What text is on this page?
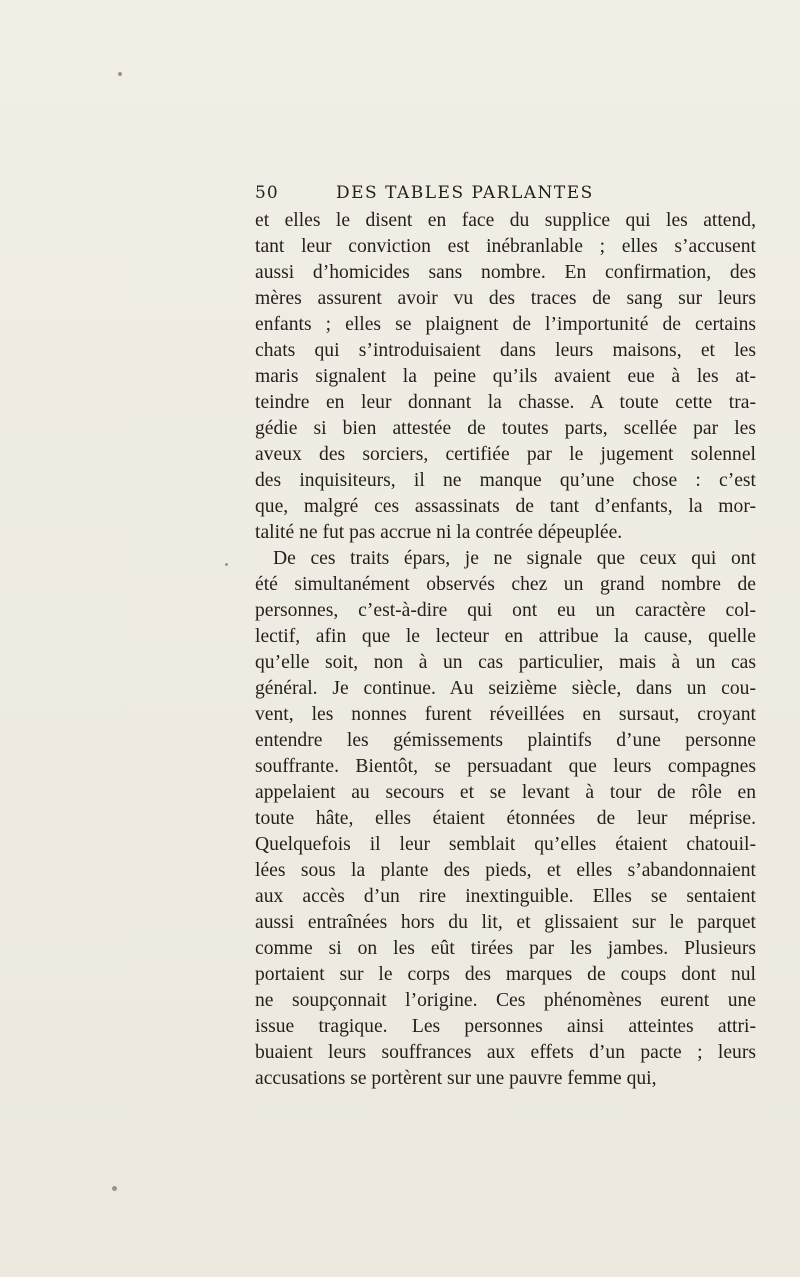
50	DES TABLES PARLANTES
et elles le disent en face du supplice qui les attend,
tant leur conviction est inébranlable ; elles s’accusent
aussi d’homicides sans nombre. En confirmation, des
mères assurent avoir vu des traces de sang sur leurs
enfants ; elles se plaignent de l’importunité de certains
chats qui s’introduisaient dans leurs maisons, et les
maris signalent la peine qu’ils avaient eue à les at-
teindre en leur donnant la chasse. A toute cette tra-
gédie si bien attestée de toutes parts, scellée par les
aveux des sorciers, certifiée par le jugement solennel
des inquisiteurs, il ne manque qu’une chose : c’est
que, malgré ces assassinats de tant d’enfants, la mor-
talité ne fut pas accrue ni la contrée dépeuplée.
De ces traits épars, je ne signale que ceux qui ont
été simultanément observés chez un grand nombre de
personnes, c’est-à-dire qui ont eu un caractère col-
lectif, afin que le lecteur en attribue la cause, quelle
qu’elle soit, non à un cas particulier, mais à un cas
général. Je continue. Au seizième siècle, dans un cou-
vent, les nonnes furent réveillées en sursaut, croyant
entendre les gémissements plaintifs d’une personne
souffrante. Bientôt, se persuadant que leurs compagnes
appelaient au secours et se levant à tour de rôle en
toute hâte, elles étaient étonnées de leur méprise.
Quelquefois il leur semblait qu’elles étaient chatouil-
lées sous la plante des pieds, et elles s’abandonnaient
aux accès d’un rire inextinguible. Elles se sentaient
aussi entraînées hors du lit, et glissaient sur le parquet
comme si on les eût tirées par les jambes. Plusieurs
portaient sur le corps des marques de coups dont nul
ne soupçonnait l’origine. Ces phénomènes eurent une
issue tragique. Les personnes ainsi atteintes attri-
buaient leurs souffrances aux effets d’un pacte ; leurs
accusations se portèrent sur une pauvre femme qui,
